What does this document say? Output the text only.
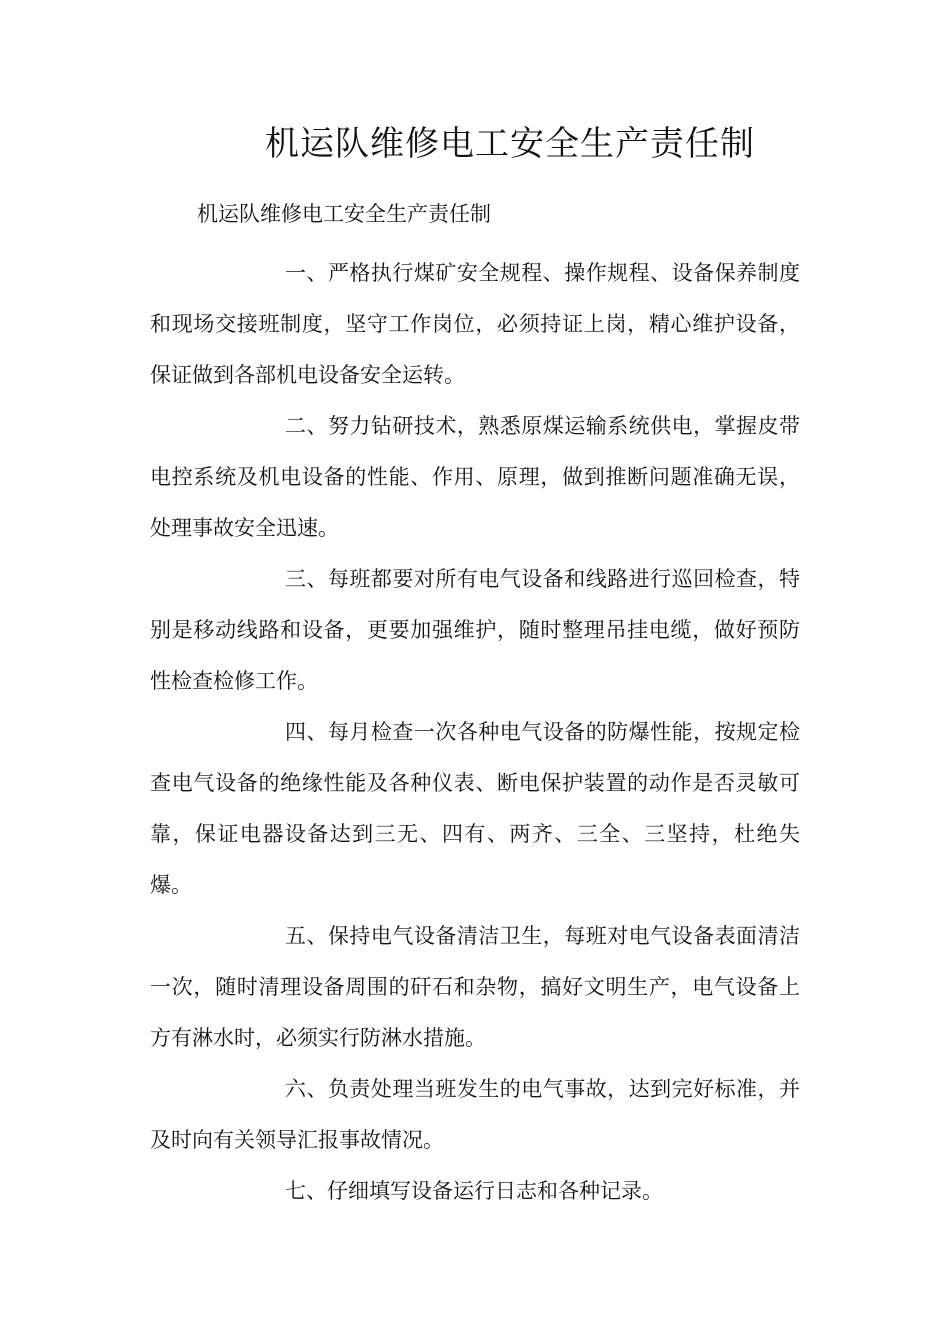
机运队维修电工安全生产责任制

机运队维修电工安全生产责任制

一、严格执行煤矿安全规程、操作规程、设备保养制度和现场交接班制度，坚守工作岗位，必须持证上岗，精心维护设备，保证做到各部机电设备安全运转。

二、努力钻研技术，熟悉原煤运输系统供电，掌握皮带电控系统及机电设备的性能、作用、原理，做到推断问题准确无误，处理事故安全迅速。

三、每班都要对所有电气设备和线路进行巡回检查，特别是移动线路和设备，更要加强维护，随时整理吊挂电缆，做好预防性检查检修工作。

四、每月检查一次各种电气设备的防爆性能，按规定检查电气设备的绝缘性能及各种仪表、断电保护装置的动作是否灵敏可靠，保证电器设备达到三无、四有、两齐、三全、三坚持，杜绝失爆。

五、保持电气设备清洁卫生，每班对电气设备表面清洁一次，随时清理设备周围的矸石和杂物，搞好文明生产，电气设备上方有淋水时，必须实行防淋水措施。

六、负责处理当班发生的电气事故，达到完好标准，并及时向有关领导汇报事故情况。

七、仔细填写设备运行日志和各种记录。
